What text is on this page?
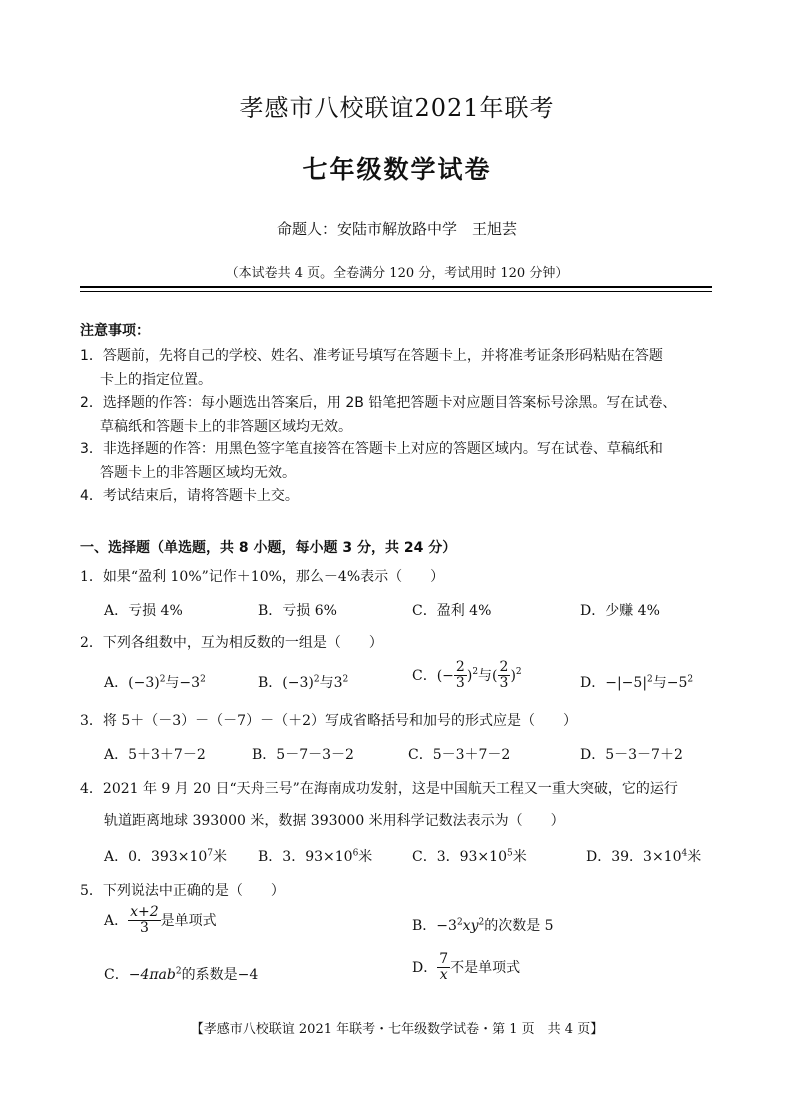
孝感市八校联谊2021年联考
七年级数学试卷
命题人：安陆市解放路中学　王旭芸
（本试卷共 4 页。全卷满分 120 分，考试用时 120 分钟）
注意事项：
1．答题前，先将自己的学校、姓名、准考证号填写在答题卡上，并将准考证条形码粘贴在答题
卡上的指定位置。
2．选择题的作答：每小题选出答案后，用 2B 铅笔把答题卡对应题目答案标号涂黑。写在试卷、
草稿纸和答题卡上的非答题区域均无效。
3．非选择题的作答：用黑色签字笔直接答在答题卡上对应的答题区域内。写在试卷、草稿纸和
答题卡上的非答题区域均无效。
4．考试结束后，请将答题卡上交。
一、选择题（单选题，共 8 小题，每小题 3 分，共 24 分）
1．如果“盈利 10%”记作＋10%，那么－4%表示（　　）
A．亏损 4%	B．亏损 6%	C．盈利 4%	D．少赚 4%
2．下列各组数中，互为相反数的一组是（　　）
A．$(-3)^2$与$-3^2$	B．$(-3)^2$与$3^2$	C．(− $\frac{2}{3} )^2$与( $\frac{2}{3} )^2$
D．$-|-5|^2$与$-5^2$
3．将 5＋（－3）－（－7）－（＋2）写成省略括号和加号的形式应是（　　）
A．5＋3＋7－2	B．5－7－3－2	C．5－3＋7－2	D．5－3－7＋2
4．2021 年 9 月 20 日“天舟三号”在海南成功发射，这是中国航天工程又一重大突破，它的运行
轨道距离地球 393000 米，数据 393000 米用科学记数法表示为（　　）
A．0．$393\times 10^7$米 B．3．$93\times 10^6$米	C．3．$93\times 10^5$米	D．39．$3\times 10^4$米
5．下列说法中正确的是（　　）
A． $\frac{x+2}{3}$ 是单项式	B．$-3^2xy^2$的次数是 5
C．−4πab$^2$的系数是−4	D． $\frac{7}{x}$ 不是单项式
【孝感市八校联谊 2021 年联考・七年级数学试卷・第 1 页　共 4 页】
